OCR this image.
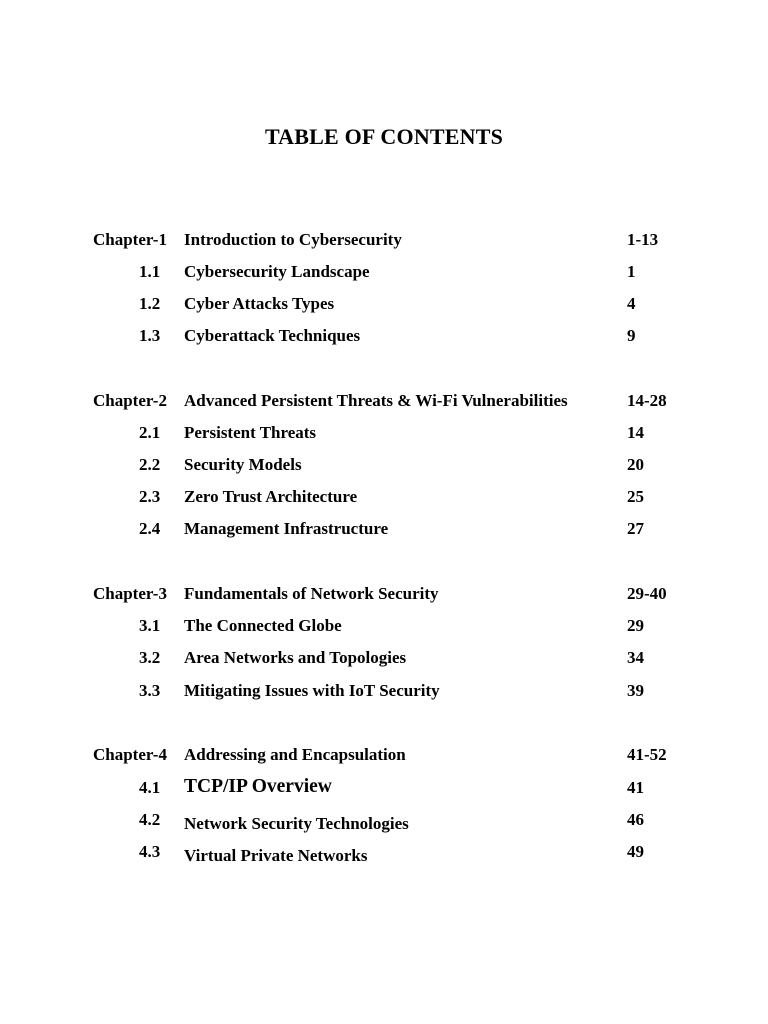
TABLE OF CONTENTS
Chapter-1 Introduction to Cybersecurity	1-13
1.1 Cybersecurity Landscape	1
1.2 Cyber Attacks Types	4
1.3 Cyberattack Techniques	9
Chapter-2 Advanced Persistent Threats & Wi-Fi Vulnerabilities	14-28
2.1 Persistent Threats	14
2.2 Security Models	20
2.3 Zero Trust Architecture	25
2.4 Management Infrastructure	27
Chapter-3 Fundamentals of Network Security	29-40
3.1 The Connected Globe	29
3.2 Area Networks and Topologies	34
3.3 Mitigating Issues with IoT Security	39
Chapter-4 Addressing and Encapsulation	41-52
4.1 TCP/IP Overview	41
4.2 Network Security Technologies	46
4.3 Virtual Private Networks	49
